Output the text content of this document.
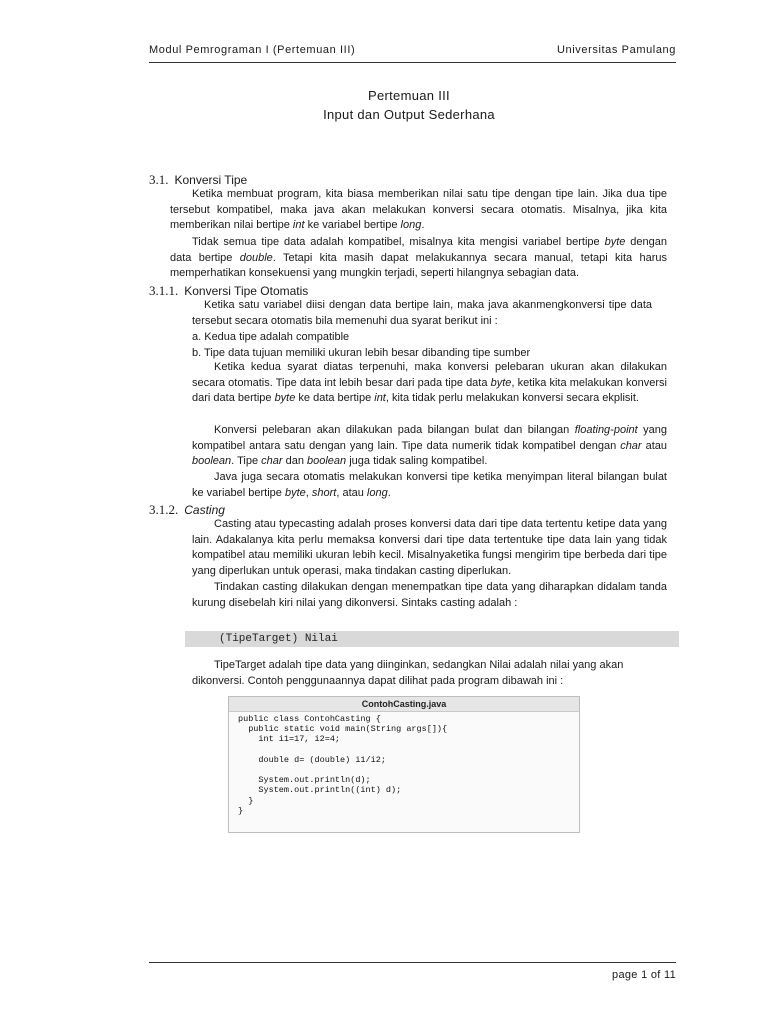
Modul Pemrograman I (Pertemuan III)	Universitas Pamulang
Pertemuan III
Input dan Output Sederhana
3.1. Konversi Tipe
Ketika membuat program, kita biasa memberikan nilai satu tipe dengan tipe lain. Jika dua tipe tersebut kompatibel, maka java akan melakukan konversi secara otomatis. Misalnya, jika kita memberikan nilai bertipe int ke variabel bertipe long.
Tidak semua tipe data adalah kompatibel, misalnya kita mengisi variabel bertipe byte dengan data bertipe double. Tetapi kita masih dapat melakukannya secara manual, tetapi kita harus memperhatikan konsekuensi yang mungkin terjadi, seperti hilangnya sebagian data.
3.1.1. Konversi Tipe Otomatis
Ketika satu variabel diisi dengan data bertipe lain, maka java akanmengkonversi tipe data tersebut secara otomatis bila memenuhi dua syarat berikut ini :
a. Kedua tipe adalah compatible
b. Tipe data tujuan memiliki ukuran lebih besar dibanding tipe sumber
Ketika kedua syarat diatas terpenuhi, maka konversi pelebaran ukuran akan dilakukan secara otomatis. Tipe data int lebih besar dari pada tipe data byte, ketika kita melakukan konversi dari data bertipe byte ke data bertipe int, kita tidak perlu melakukan konversi secara ekplisit.
Konversi pelebaran akan dilakukan pada bilangan bulat dan bilangan floating-point yang kompatibel antara satu dengan yang lain. Tipe data numerik tidak kompatibel dengan char atau boolean. Tipe char dan boolean juga tidak saling kompatibel.
Java juga secara otomatis melakukan konversi tipe ketika menyimpan literal bilangan bulat ke variabel bertipe byte, short, atau long.
3.1.2. Casting
Casting atau typecasting adalah proses konversi data dari tipe data tertentu ketipe data yang lain. Adakalanya kita perlu memaksa konversi dari tipe data tertentuke tipe data lain yang tidak kompatibel atau memiliki ukuran lebih kecil. Misalnyaketika fungsi mengirim tipe berbeda dari tipe yang diperlukan untuk operasi, maka tindakan casting diperlukan.
Tindakan casting dilakukan dengan menempatkan tipe data yang diharapkan didalam tanda kurung disebelah kiri nilai yang dikonversi. Sintaks casting adalah :
(TipeTarget) Nilai
TipeTarget adalah tipe data yang diinginkan, sedangkan Nilai adalah nilai yang akan dikonversi. Contoh penggunaannya dapat dilihat pada program dibawah ini :
ContohCasting.java
public class ContohCasting {
public static void main(String args[]){
int i1=17, i2=4;

double d= (double) i1/i2;

System.out.println(d);
System.out.println((int) d);
}
}
page 1 of 11
